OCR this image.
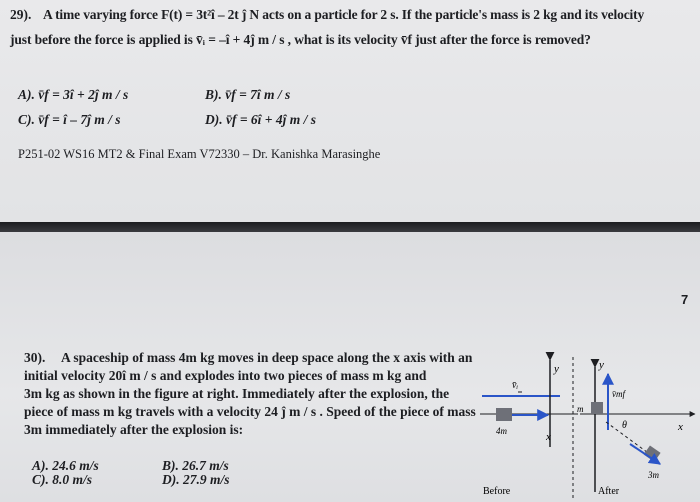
29). A time varying force F(t) = 3t²î – 2t ĵ N acts on a particle for 2 s. If the particle's mass is 2 kg and its velocity
just before the force is applied is v̄ᵢ = –î + 4ĵ m / s , what is its velocity v̄f just after the force is removed?
A). v̄f = 3î + 2ĵ m / s	B). v̄f = 7î m / s
C). v̄f = î – 7ĵ m / s	D). v̄f = 6î + 4ĵ m / s
P251-02 WS16 MT2 & Final Exam V72330 – Dr. Kanishka Marasinghe
7
30). A spaceship of mass 4m kg moves in deep space along the x axis with an
initial velocity 20î m / s and explodes into two pieces of mass m kg and
3m kg as shown in the figure at right. Immediately after the explosion, the
piece of mass m kg travels with a velocity 24 ĵ m / s . Speed of the piece of mass
3m immediately after the explosion is:
A). 24.6 m/s	B). 26.7 m/s
C). 8.0 m/s	D). 27.9 m/s
v̄ᵢ
4m
y
x
Before
y
x
m
v̄mf
θ
3m
After
